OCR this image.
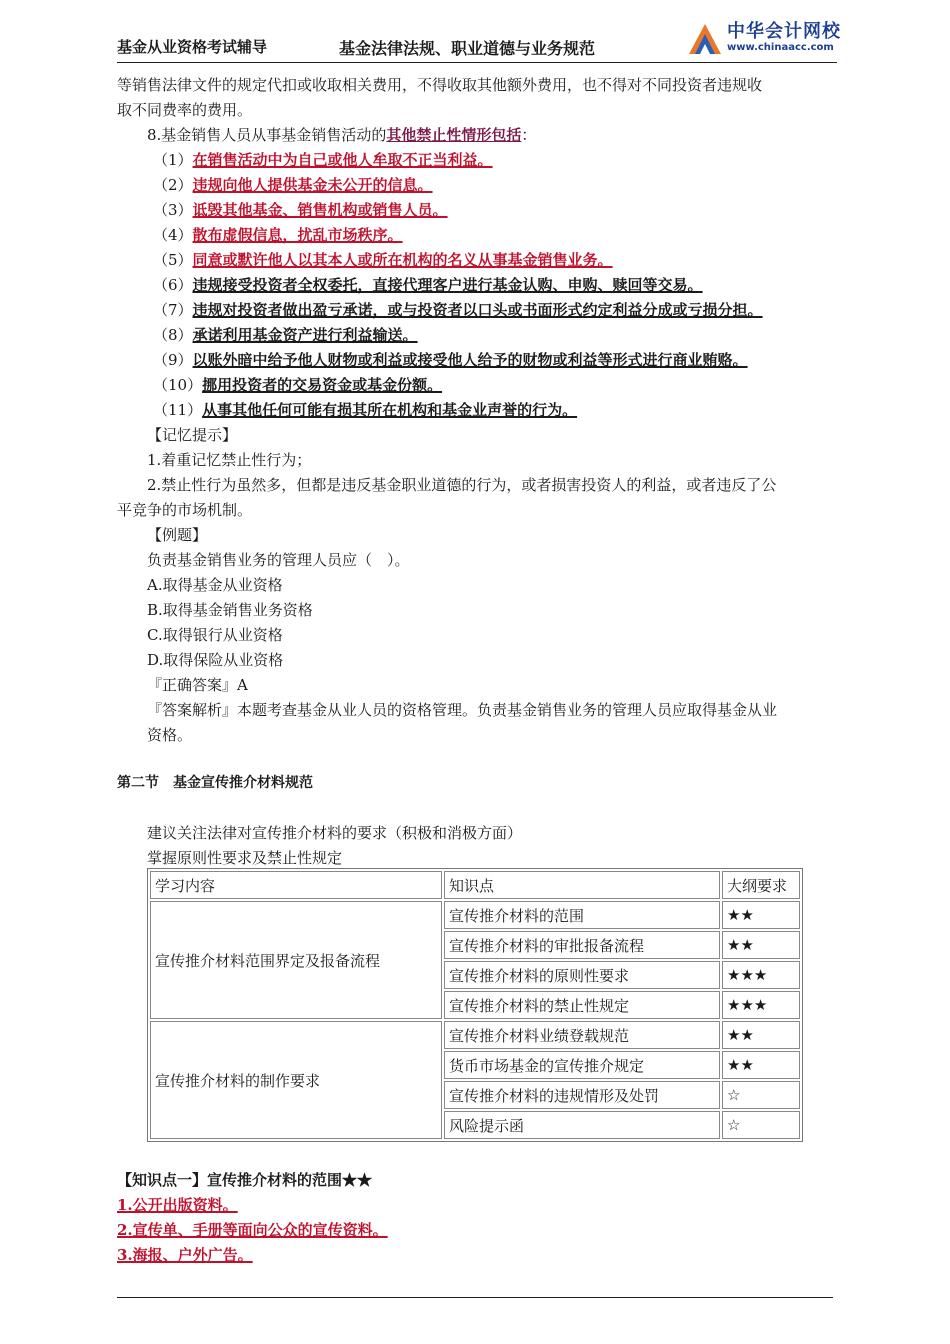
基金从业资格考试辅导	基金法律法规、职业道德与业务规范
中华会计网校
www.chinaacc.com
等销售法律文件的规定代扣或收取相关费用，不得收取其他额外费用，也不得对不同投资者违规收
取不同费率的费用。
8.基金销售人员从事基金销售活动的其他禁止性情形包括：
（1）在销售活动中为自己或他人牟取不正当利益。
（2）违规向他人提供基金未公开的信息。
（3）诋毁其他基金、销售机构或销售人员。
（4）散布虚假信息，扰乱市场秩序。
（5）同意或默许他人以其本人或所在机构的名义从事基金销售业务。
（6）违规接受投资者全权委托，直接代理客户进行基金认购、申购、赎回等交易。
（7）违规对投资者做出盈亏承诺，或与投资者以口头或书面形式约定利益分成或亏损分担。
（8）承诺利用基金资产进行利益输送。
（9）以账外暗中给予他人财物或利益或接受他人给予的财物或利益等形式进行商业贿赂。
（10）挪用投资者的交易资金或基金份额。
（11）从事其他任何可能有损其所在机构和基金业声誉的行为。
【记忆提示】
1.着重记忆禁止性行为；
2.禁止性行为虽然多，但都是违反基金职业道德的行为，或者损害投资人的利益，或者违反了公
平竞争的市场机制。
【例题】
负责基金销售业务的管理人员应（　）。
A.取得基金从业资格
B.取得基金销售业务资格
C.取得银行从业资格
D.取得保险从业资格
『正确答案』A
『答案解析』本题考查基金从业人员的资格管理。负责基金销售业务的管理人员应取得基金从业
资格。
第二节　基金宣传推介材料规范
建议关注法律对宣传推介材料的要求（积极和消极方面）
掌握原则性要求及禁止性规定
学习内容	知识点	大纲要求
宣传推介材料范围界定及报备流程	宣传推介材料的范围	★★
	宣传推介材料的审批报备流程	★★
	宣传推介材料的原则性要求	★★★
	宣传推介材料的禁止性规定	★★★
宣传推介材料的制作要求	宣传推介材料业绩登载规范	★★
	货币市场基金的宣传推介规定	★★
	宣传推介材料的违规情形及处罚	☆
	风险提示函	☆
【知识点一】宣传推介材料的范围★★
1.公开出版资料。
2.宣传单、手册等面向公众的宣传资料。
3.海报、户外广告。
